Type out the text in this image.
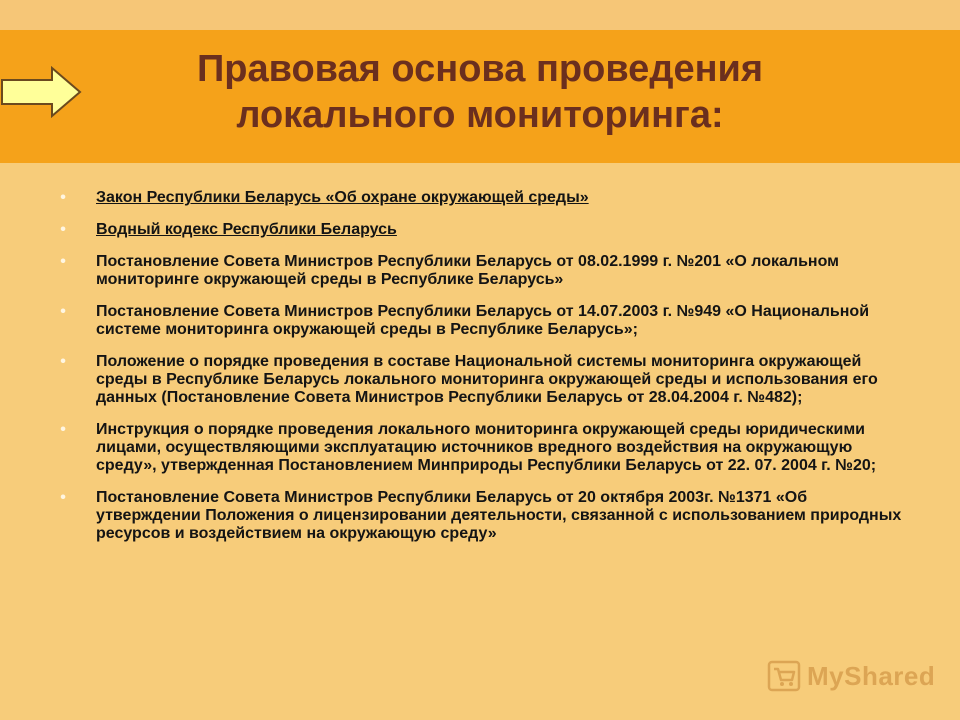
Правовая основа проведения
локального мониторинга:
• Закон Республики Беларусь «Об охране окружающей среды»
• Водный кодекс Республики Беларусь
• Постановление Совета Министров Республики Беларусь от 08.02.1999 г. №201 «О локальном мониторинге окружающей среды в Республике Беларусь»
• Постановление Совета Министров Республики Беларусь от 14.07.2003 г. №949 «О Национальной системе мониторинга окружающей среды в Республике Беларусь»;
• Положение о порядке проведения в составе Национальной системы мониторинга окружающей среды в Республике Беларусь локального мониторинга окружающей среды и использования его данных (Постановление Совета Министров Республики Беларусь от 28.04.2004 г. №482);
• Инструкция о порядке проведения локального мониторинга окружающей среды юридическими лицами, осуществляющими эксплуатацию источников вредного воздействия на окружающую среду», утвержденная Постановлением Минприроды Республики Беларусь от 22. 07. 2004 г. №20;
• Постановление Совета Министров Республики Беларусь от 20 октября 2003г. №1371 «Об утверждении Положения о лицензировании деятельности, связанной с использованием природных ресурсов и воздействием на окружающую среду»
MyShared
